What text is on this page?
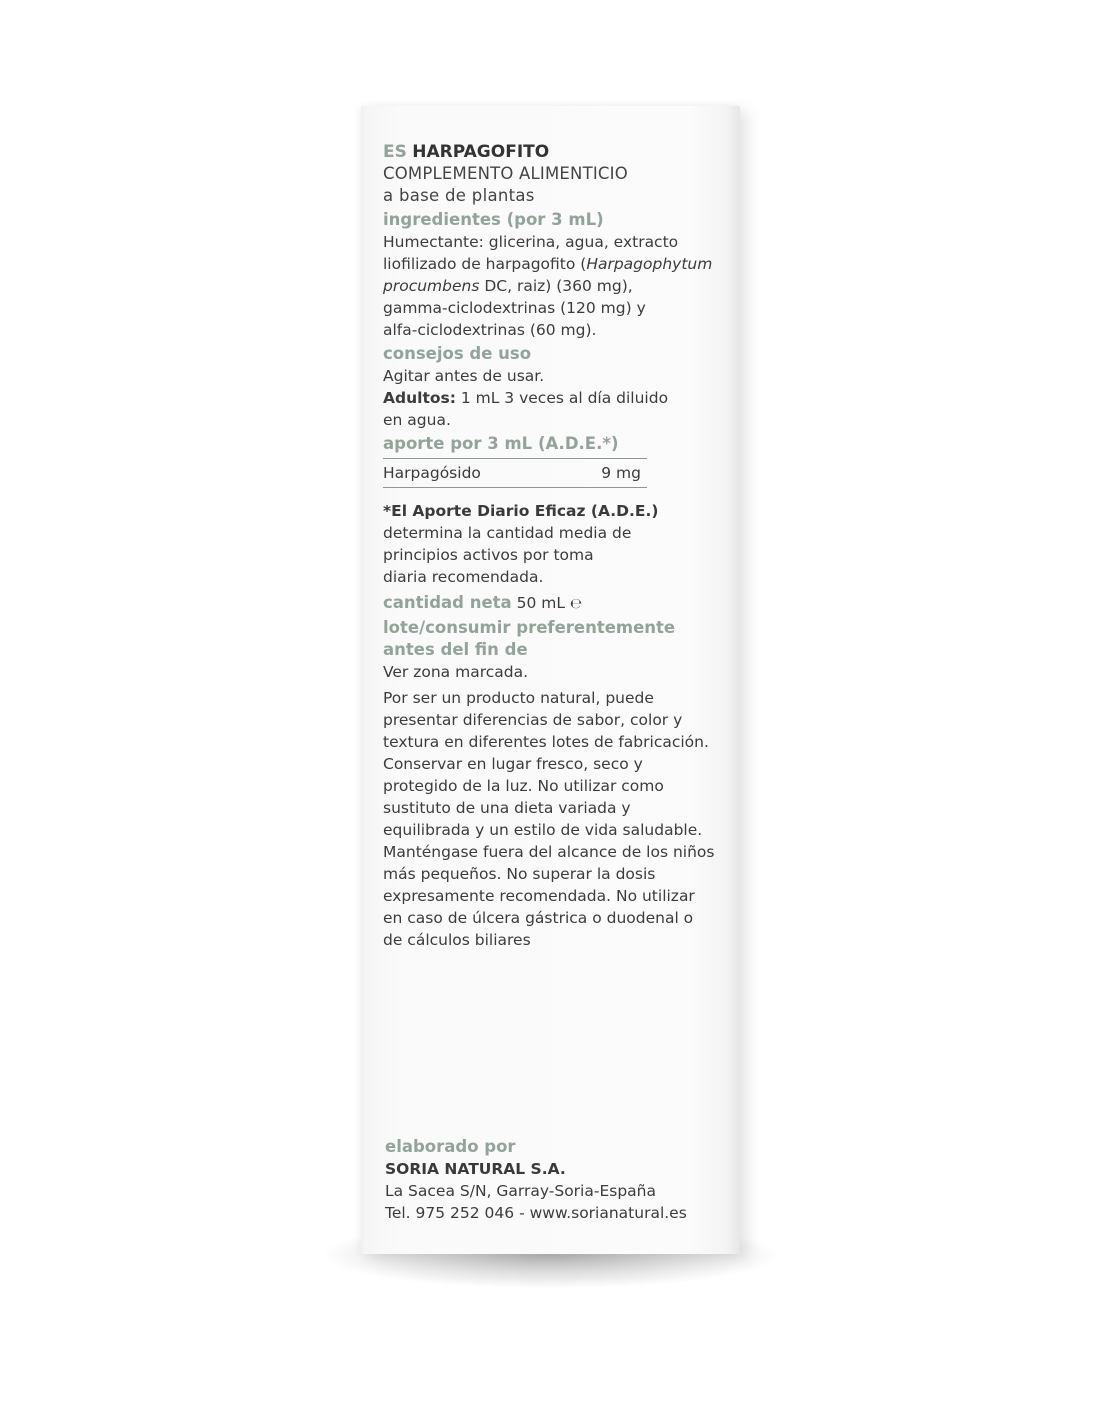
ES HARPAGOFITO
COMPLEMENTO ALIMENTICIO
a base de plantas
ingredientes (por 3 mL)
Humectante: glicerina, agua, extracto
liofilizado de harpagofito (Harpagophytum
procumbens DC, raiz) (360 mg),
gamma-ciclodextrinas (120 mg) y
alfa-ciclodextrinas (60 mg).
consejos de uso
Agitar antes de usar.
Adultos: 1 mL 3 veces al día diluido
en agua.
aporte por 3 mL (A.D.E.*)
Harpagósido	9 mg
*El Aporte Diario Eficaz (A.D.E.)
determina la cantidad media de
principios activos por toma
diaria recomendada.
cantidad neta 50 mL ℮
lote/consumir preferentemente
antes del fin de
Ver zona marcada.
Por ser un producto natural, puede
presentar diferencias de sabor, color y
textura en diferentes lotes de fabricación.
Conservar en lugar fresco, seco y
protegido de la luz. No utilizar como
sustituto de una dieta variada y
equilibrada y un estilo de vida saludable.
Manténgase fuera del alcance de los niños
más pequeños. No superar la dosis
expresamente recomendada. No utilizar
en caso de úlcera gástrica o duodenal o
de cálculos biliares
elaborado por
SORIA NATURAL S.A.
La Sacea S/N, Garray-Soria-España
Tel. 975 252 046 - www.sorianatural.es
